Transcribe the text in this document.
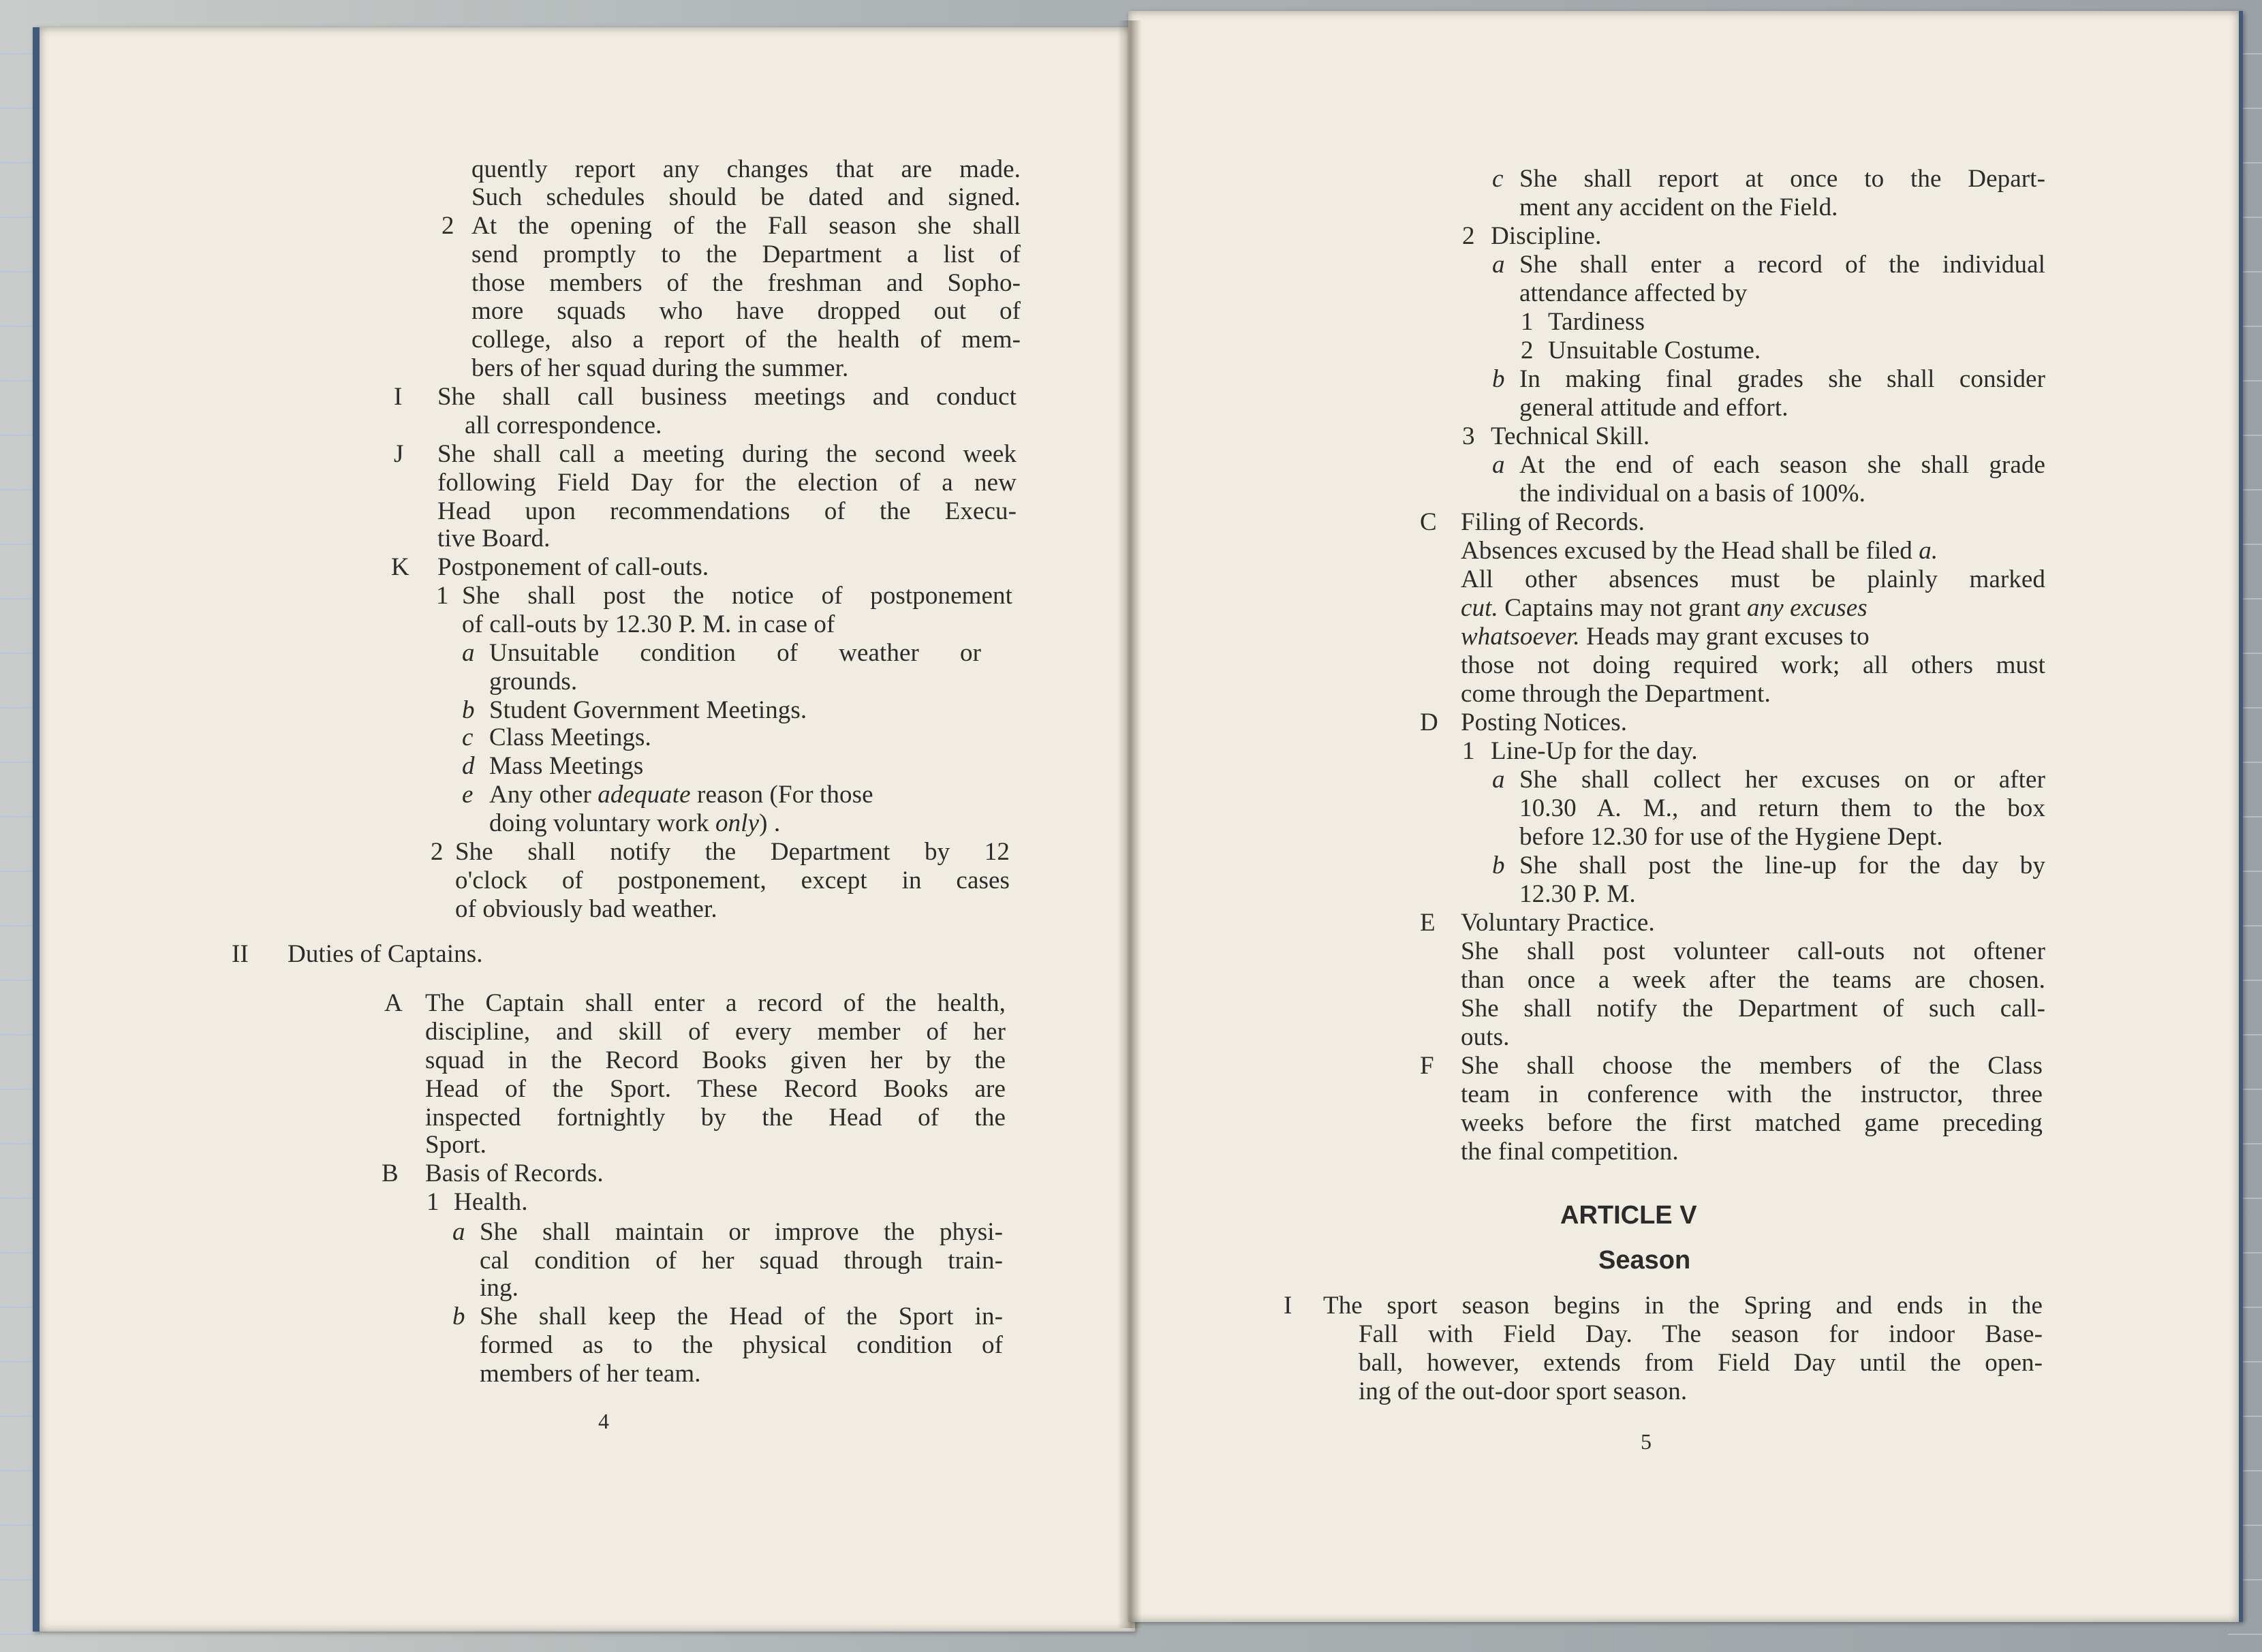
quently report any changes that are made.
Such schedules should be dated and signed.
2 At the opening of the Fall season she shall
send promptly to the Department a list of
those members of the freshman and Sopho-
more squads who have dropped out of
college, also a report of the health of mem-
bers of her squad during the summer.
I She shall call business meetings and conduct
all correspondence.
J She shall call a meeting during the second week
following Field Day for the election of a new
Head upon recommendations of the Execu-
tive Board.
K Postponement of call-outs.
1 She shall post the notice of postponement
of call-outs by 12.30 P. M. in case of
a Unsuitable condition of weather or
grounds.
b Student Government Meetings.
c Class Meetings.
d Mass Meetings
e Any other adequate reason (For those
doing voluntary work only) .
2 She shall notify the Department by 12
o'clock of postponement, except in cases
of obviously bad weather.
II Duties of Captains.
A The Captain shall enter a record of the health,
discipline, and skill of every member of her
squad in the Record Books given her by the
Head of the Sport. These Record Books are
inspected fortnightly by the Head of the
Sport.
B Basis of Records.
1 Health.
a She shall maintain or improve the physi-
cal condition of her squad through train-
ing.
b She shall keep the Head of the Sport in-
formed as to the physical condition of
members of her team.
4
c She shall report at once to the Depart-
ment any accident on the Field.
2 Discipline.
a She shall enter a record of the individual
attendance affected by
1 Tardiness
2 Unsuitable Costume.
b In making final grades she shall consider
general attitude and effort.
3 Technical Skill.
a At the end of each season she shall grade
the individual on a basis of 100%.
C Filing of Records.
Absences excused by the Head shall be filed a.
All other absences must be plainly marked
cut. Captains may not grant any excuses
whatsoever. Heads may grant excuses to
those not doing required work; all others must
come through the Department.
D Posting Notices.
1 Line-Up for the day.
a She shall collect her excuses on or after
10.30 A. M., and return them to the box
before 12.30 for use of the Hygiene Dept.
b She shall post the line-up for the day by
12.30 P. M.
E Voluntary Practice.
She shall post volunteer call-outs not oftener
than once a week after the teams are chosen.
She shall notify the Department of such call-
outs.
F She shall choose the members of the Class
team in conference with the instructor, three
weeks before the first matched game preceding
the final competition.
ARTICLE V
Season
I The sport season begins in the Spring and ends in the
Fall with Field Day. The season for indoor Base-
ball, however, extends from Field Day until the open-
ing of the out-door sport season.
5
